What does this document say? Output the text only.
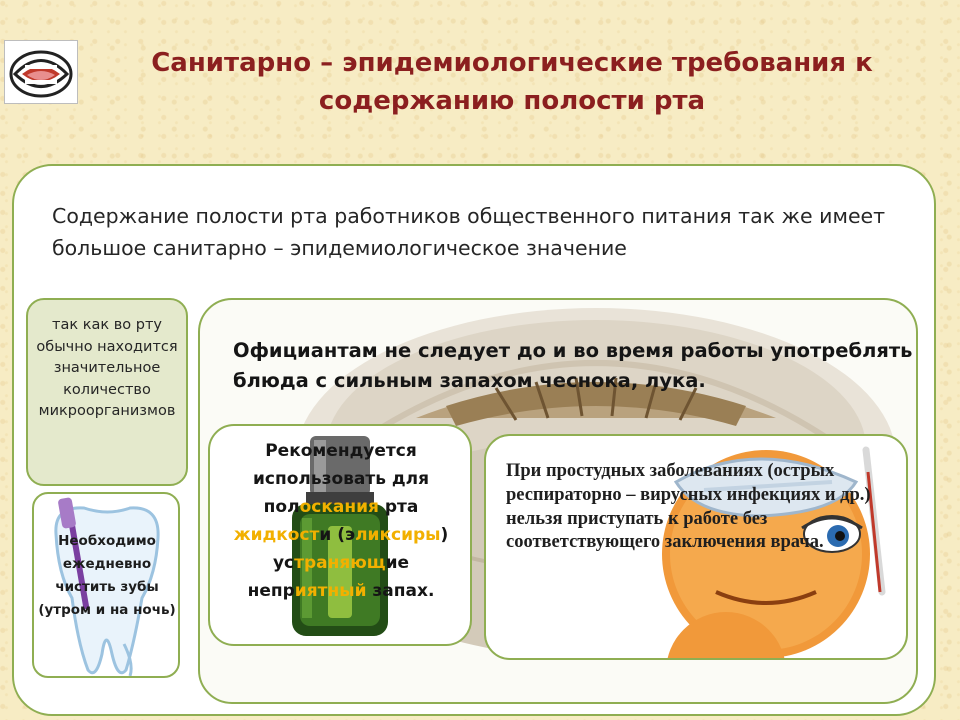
Санитарно – эпидемиологические требования к содержанию полости рта
Содержание полости рта работников общественного питания так же имеет большое санитарно – эпидемиологическое значение
так как во рту обычно находится значительное количество микроорганизмов
Необходимо ежедневно чистить зубы (утром и на ночь)
Официантам не следует до и во время работы употреблять блюда с сильным запахом чеснока, лука.
Рекомендуется использовать для полоскания рта жидкости (эликсиры) устраняющие неприятный запах.
При простудных заболеваниях (острых респираторно – вирусных инфекциях и др.) нельзя приступать к работе без соответствующего заключения врача.
